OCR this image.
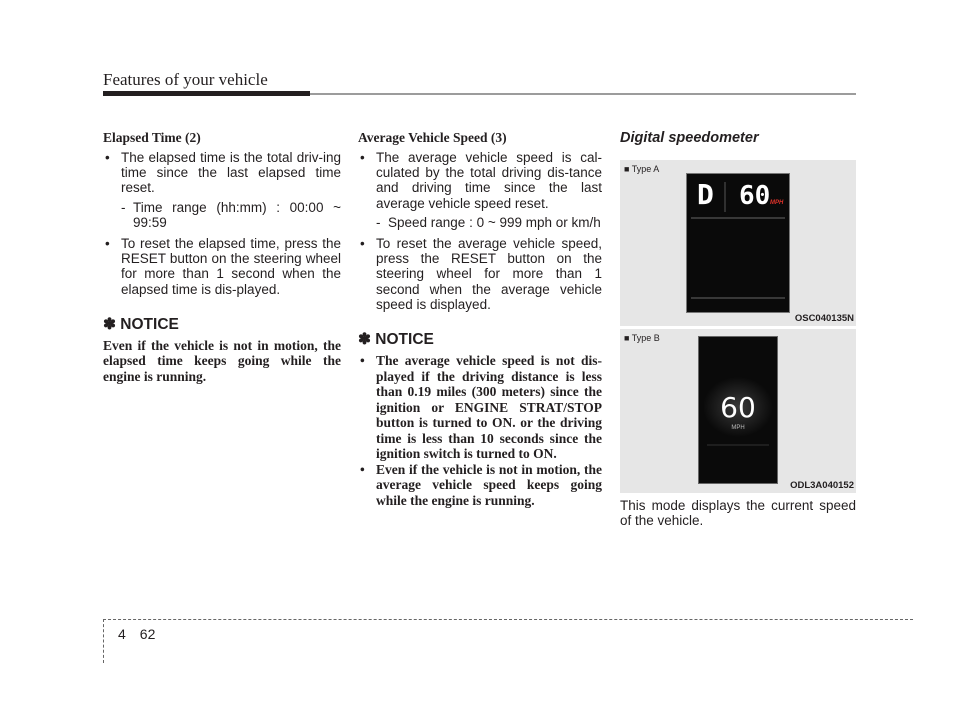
Features of your vehicle

Elapsed Time (2)

• The elapsed time is the total driv-ing time since the last elapsed time reset.
- Time range (hh:mm) : 00:00 ~ 99:59
• To reset the elapsed time, press the RESET button on the steering wheel for more than 1 second when the elapsed time is dis-played.

✽ NOTICE

Even if the vehicle is not in motion, the elapsed time keeps going while the engine is running.

Average Vehicle Speed (3)

• The average vehicle speed is cal-culated by the total driving dis-tance and driving time since the last average vehicle speed reset.
- Speed range : 0 ~ 999 mph or km/h
• To reset the average vehicle speed, press the RESET button on the steering wheel for more than 1 second when the average vehicle speed is displayed.

✽ NOTICE

• The average vehicle speed is not dis-played if the driving distance is less than 0.19 miles (300 meters) since the ignition or ENGINE STRAT/STOP button is turned to ON. or the driving time is less than 10 seconds since the ignition switch is turned to ON.
• Even if the vehicle is not in motion, the average vehicle speed keeps going while the engine is running.

Digital speedometer

■ Type A
D 60 MPH
OSC040135N
■ Type B
60
MPH
ODL3A040152

This mode displays the current speed of the vehicle.

4 62
